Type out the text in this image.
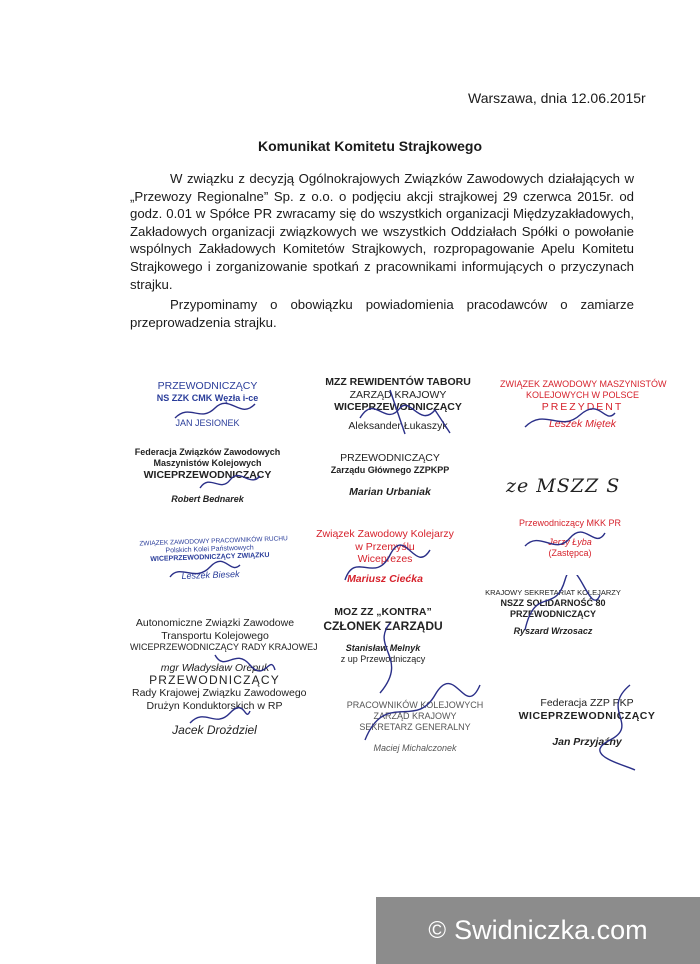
Warszawa, dnia 12.06.2015r
Komunikat Komitetu Strajkowego

W związku z decyzją Ogólnokrajowych Związków Zawodowych działających w „Przewozy Regionalne” Sp. z o.o. o podjęciu akcji strajkowej 29 czerwca 2015r. od godz. 0.01 w Spółce PR zwracamy się do wszystkich organizacji Międzyzakładowych, Zakładowych organizacji związkowych we wszystkich Oddziałach Spółki o powołanie wspólnych Zakładowych Komitetów Strajkowych, rozpropagowanie Apelu Komitetu Strajkowego i zorganizowanie spotkań z pracownikami informujących o przyczynach strajku.

Przypominamy o obowiązku powiadomienia pracodawców o zamiarze przeprowadzenia strajku.

PRZEWODNICZĄCY
NS ZZK CMK Węzła i-ce
JAN JESIONEK
MZZ REWIDENTÓW TABORU
ZARZĄD KRAJOWY
WICEPRZEWODNICZĄCY
Aleksander Łukaszyk
ZWIĄZEK ZAWODOWY MASZYNISTÓW
KOLEJOWYCH W POLSCE
PREZYDENT
Leszek Miętek
Federacja Związków Zawodowych
Maszynistów Kolejowych
WICEPRZEWODNICZĄCY
Robert Bednarek
PRZEWODNICZĄCY
Zarządu Głównego ZZPKPP
Marian Urbaniak	ze MSZZ S
ZWIĄZEK ZAWODOWY PRACOWNIKÓW RUCHU
Polskich Kolei Państwowych
WICEPRZEWODNICZĄCY ZWIĄZKU
Leszek Biesek
Związek Zawodowy Kolejarzy
w Przemyślu
Wiceprezes
Mariusz Ciećka
Przewodniczący MKK PR
Jerzy Łyba
(Zastępca)
Autonomiczne Związki Zawodowe
Transportu Kolejowego
WICEPRZEWODNICZĄCY RADY KRAJOWEJ
mgr Władysław Orepuk
MOZ ZZ „KONTRA”
CZŁONEK ZARZĄDU
Stanisław Melnyk
z up Przewodniczący
KRAJOWY SEKRETARIAT KOLEJARZY
NSZZ SOLIDARNOŚĆ 80
PRZEWODNICZĄCY
Ryszard Wrzosacz
PRZEWODNICZĄCY
Rady Krajowej Związku Zawodowego
Drużyn Konduktorskich w RP
Jacek Drożdziel
PRACOWNIKÓW KOLEJOWYCH
ZARZĄD KRAJOWY
SEKRETARZ GENERALNY
Maciej Michalczonek
Federacja ZZP PKP
WICEPRZEWODNICZĄCY
Jan Przyjaźny
© Swidniczka.com
